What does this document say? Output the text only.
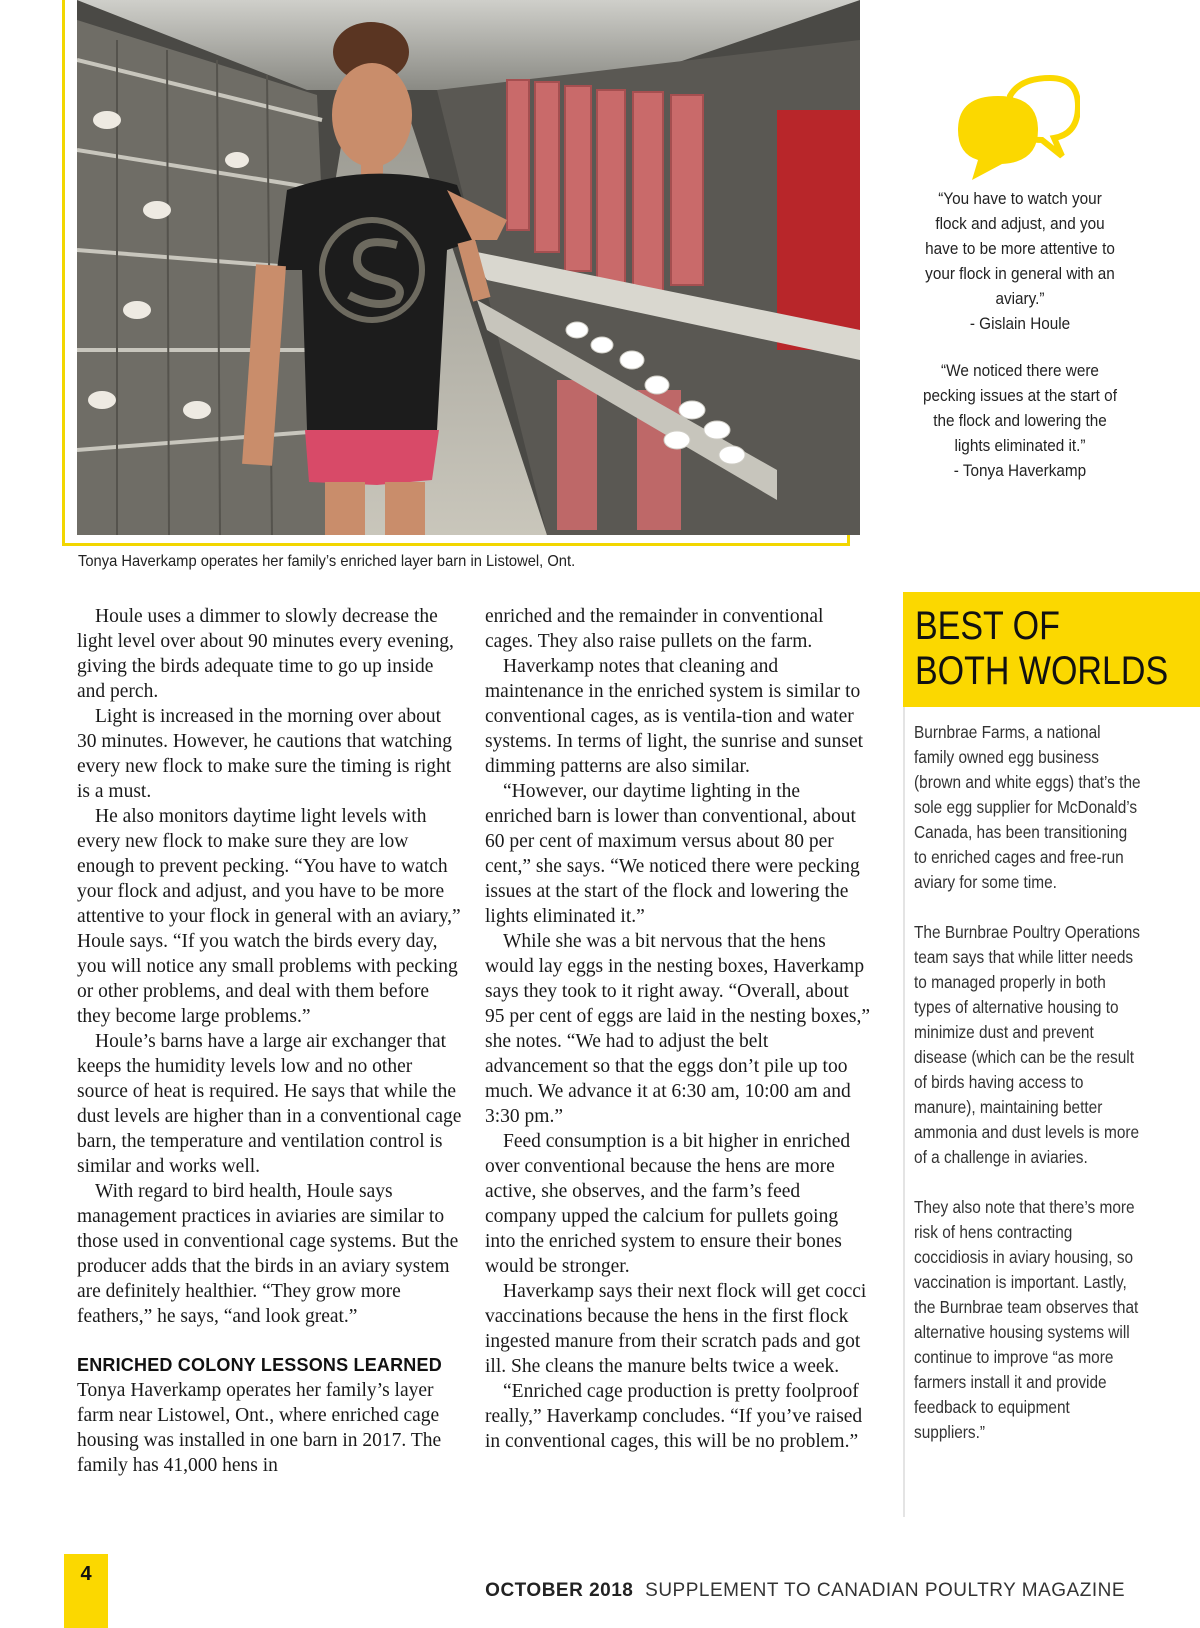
Tonya Haverkamp operates her family’s enriched layer barn in Listowel, Ont.

“You have to watch your flock and adjust, and you have to be more attentive to your flock in general with an aviary.”

- Gislain Houle

“We noticed there were pecking issues at the start of the flock and lowering the lights eliminated it.”

- Tonya Haverkamp

Houle uses a dimmer to slowly decrease the light level over about 90 minutes every evening, giving the birds adequate time to go up inside and perch.

Light is increased in the morning over about 30 minutes. However, he cautions that watching every new flock to make sure the timing is right is a must.

He also monitors daytime light levels with every new flock to make sure they are low enough to prevent pecking. “You have to watch your flock and adjust, and you have to be more attentive to your flock in general with an aviary,” Houle says. “If you watch the birds every day, you will notice any small problems with pecking or other problems, and deal with them before they become large problems.”

Houle’s barns have a large air exchanger that keeps the humidity levels low and no other source of heat is required. He says that while the dust levels are higher than in a conventional cage barn, the temperature and ventilation control is similar and works well.

With regard to bird health, Houle says management practices in aviaries are similar to those used in conventional cage systems. But the producer adds that the birds in an aviary system are definitely healthier. “They grow more feathers,” he says, “and look great.”

ENRICHED COLONY LESSONS LEARNED

Tonya Haverkamp operates her family’s layer farm near Listowel, Ont., where enriched cage housing was installed in one barn in 2017. The family has 41,000 hens in

enriched and the remainder in conventional cages. They also raise pullets on the farm.

Haverkamp notes that cleaning and maintenance in the enriched system is similar to conventional cages, as is ventila-tion and water systems. In terms of light, the sunrise and sunset dimming patterns are also similar.

“However, our daytime lighting in the enriched barn is lower than conventional, about 60 per cent of maximum versus about 80 per cent,” she says. “We noticed there were pecking issues at the start of the flock and lowering the lights eliminated it.”

While she was a bit nervous that the hens would lay eggs in the nesting boxes, Haverkamp says they took to it right away. “Overall, about 95 per cent of eggs are laid in the nesting boxes,” she notes. “We had to adjust the belt advancement so that the eggs don’t pile up too much. We advance it at 6:30 am, 10:00 am and 3:30 pm.”

Feed consumption is a bit higher in enriched over conventional because the hens are more active, she observes, and the farm’s feed company upped the calcium for pullets going into the enriched system to ensure their bones would be stronger.

Haverkamp says their next flock will get cocci vaccinations because the hens in the first flock ingested manure from their scratch pads and got ill. She cleans the manure belts twice a week.

“Enriched cage production is pretty foolproof really,” Haverkamp concludes. “If you’ve raised in conventional cages, this will be no problem.”

BEST OF
BOTH WORLDS

Burnbrae Farms, a national family owned egg business (brown and white eggs) that’s the sole egg supplier for McDonald’s Canada, has been transitioning to enriched cages and free-run aviary for some time.

The Burnbrae Poultry Operations team says that while litter needs to managed properly in both types of alternative housing to minimize dust and prevent disease (which can be the result of birds having access to manure), maintaining better ammonia and dust levels is more of a challenge in aviaries.

They also note that there’s more risk of hens contracting coccidiosis in aviary housing, so vaccination is important. Lastly, the Burnbrae team observes that alternative housing systems will continue to improve “as more farmers install it and provide feedback to equipment suppliers.”

4
OCTOBER 2018 SUPPLEMENT TO CANADIAN POULTRY MAGAZINE
